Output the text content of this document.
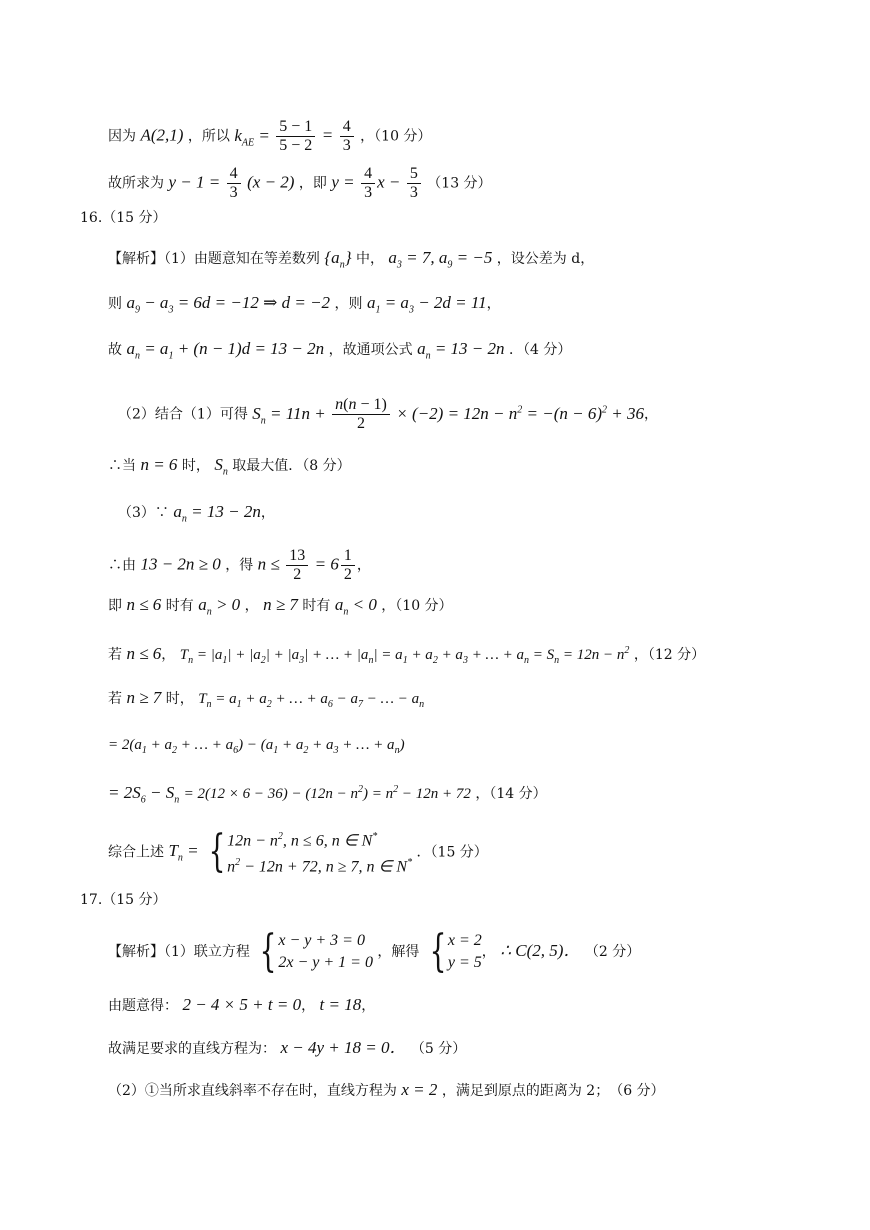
因为 A(2,1) ，所以 $k_{AE} = \frac{5 - 1}{5 - 2} = \frac{4}{3}$ ，（10 分）
故所求为 $y - 1 = \frac{4}{3} (x - 2)$ ，即 $y = \frac{4}{3}$ $x - \frac{5}{3} (13$ 分）
16.（15 分）
【解析】（1）由题意知在等差数列 $\{a_n\}$ 中， $a_3 = 7$, $a_9 = -5$ ，设公差为 d，
则 $a_9 - a_3 = 6d = -12$ ⇒ d = −2 ，则 $a_1 = a_3 - 2d = 11$，
故 $a_n = a_1 + (n - 1)d = 13 - 2n$ ，故通项公式 $a_n = 13 - 2n$ ．（4 分）
（2）结合（1）可得 $S_n = 11n + \frac{n(n - 1)}{2} \times (-2) = 12n - n^2 = -(n - 6)^2 + 36$，
∴当 n = 6 时， $S_n$ 取最大值．（8 分）
（3）∵ $a_n = 13 - 2n$，
∴由 13 − 2n ≥ 0 ，得 $n \le \frac{13}{2} = 6 \frac{1}{2}$ ，
即 n ≤ 6 时有 $a_n > 0$ ， n ≥ 7 时有 $a_n < 0$ ，（10 分）
若 n ≤ 6， $T_n = |a_1| + |a_2| + |a_3|$ + … + $|a_n| = a_1 + a_2 + a_3$ + … + $a_n = S_n = 12n - n^2$ ，（12 分）
若 n ≥ 7 时， $T_n = a_1 + a_2$ + … + $a_6 - a_7$ − … − $a_n$
= $2(a_1 + a_2$ + … + $a_6) - (a_1 + a_2 + a_3$ + … + $a_n$)
= $2S_6 - S_n = 2(12 \times 6 - 36) - (12n - n^2) = n^2 - 12n + 72$ ，（14 分）
综合上述 $T_n$ = { $12n - n^2$, n ≤ 6, n ∈ N*
$n^2 - 12n + 72$, n ≥ 7, n ∈ N*
．（15 分）
17.（15 分）
【解析】（1）联立方程 { x − y + 3 = 0
2x − y + 1 = 0
，解得 { x = 2
y = 5
， ∴ C(2, 5)． （2 分）
由题意得： 2 − 4 × 5 + t = 0， t = 18，
故满足要求的直线方程为： x − 4y + 18 = 0． （5 分）
（2）①当所求直线斜率不存在时，直线方程为 x = 2 ，满足到原点的距离为 2；　（6 分）
